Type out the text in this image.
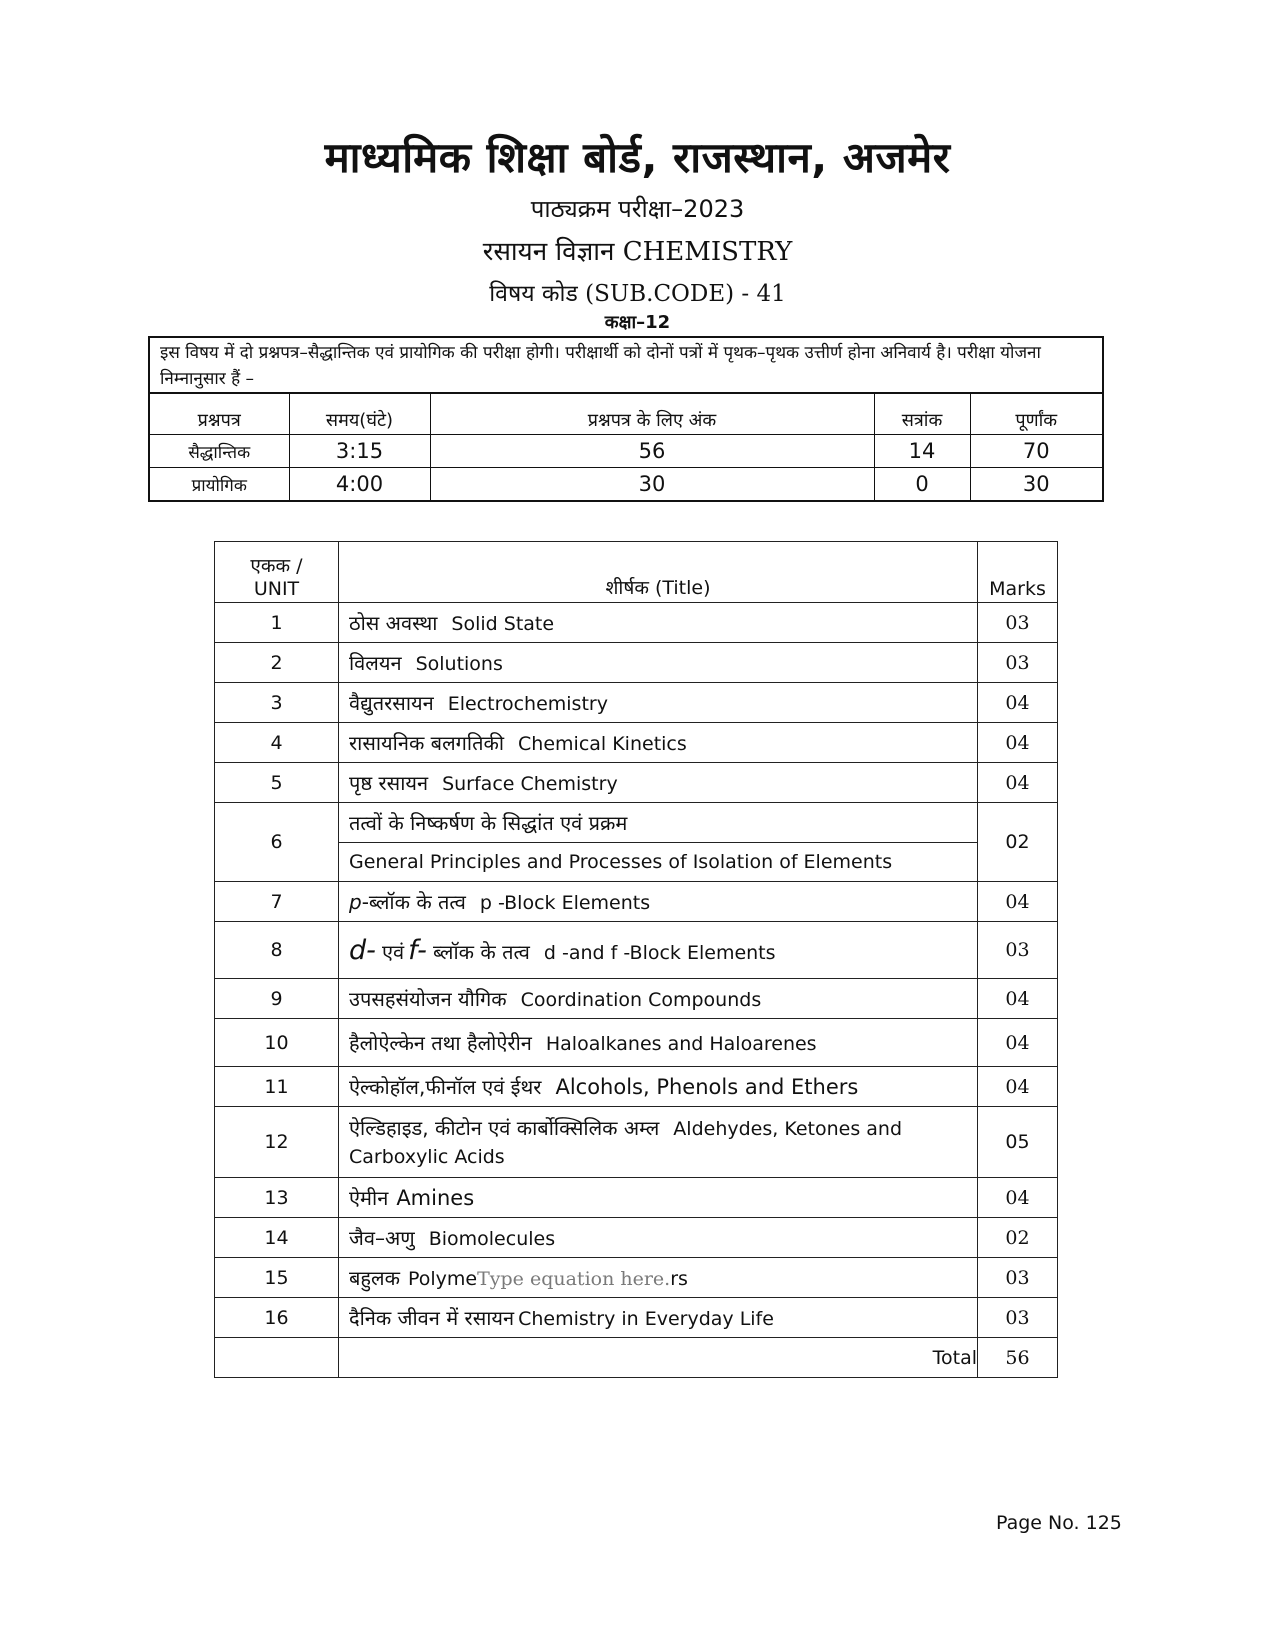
माध्यमिक शिक्षा बोर्ड, राजस्थान, अजमेर
पाठ्यक्रम परीक्षा–2023
रसायन विज्ञान CHEMISTRY
विषय कोड (SUB.CODE) - 41
कक्षा–12
इस विषय में दो प्रश्नपत्र–सैद्धान्तिक एवं प्रायोगिक की परीक्षा होगी। परीक्षार्थी को दोनों पत्रों में पृथक–पृथक उत्तीर्ण होना अनिवार्य है। परीक्षा योजना निम्नानुसार हैं –
प्रश्नपत्र	समय(घंटे)	प्रश्नपत्र के लिए अंक	सत्रांक	पूर्णांक
सैद्धान्तिक	3:15	56	14	70
प्रायोगिक	4:00	30	0	30
एकक /
UNIT	शीर्षक (Title)	Marks
1	ठोस अवस्था Solid State	03
2	विलयन Solutions	03
3	वैद्युतरसायन Electrochemistry	04
4	रासायनिक बलगतिकी Chemical Kinetics	04
5	पृष्ठ रसायन Surface Chemistry	04
6	तत्वों के निष्कर्षण के सिद्धांत एवं प्रक्रम
General Principles and Processes of Isolation of Elements	02
7	p-ब्लॉक के तत्व p -Block Elements	04
8	d- एवं f- ब्लॉक के तत्व d -and f -Block Elements	03
9	उपसहसंयोजन यौगिक Coordination Compounds	04
10	हैलोऐल्केन तथा हैलोऐरीन Haloalkanes and Haloarenes	04
11	ऐल्कोहॉल,फीनॉल एवं ईथर Alcohols, Phenols and Ethers	04
12	ऐल्डिहाइड, कीटोन एवं कार्बोक्सिलिक अम्ल Aldehydes, Ketones and Carboxylic Acids	05
13	ऐमीन Amines	04
14	जैव–अणु Biomolecules	02
15	बहुलक PolymeType equation here.rs	03
16	दैनिक जीवन में रसायन Chemistry in Everyday Life	03
	Total	56
Page No. 125
